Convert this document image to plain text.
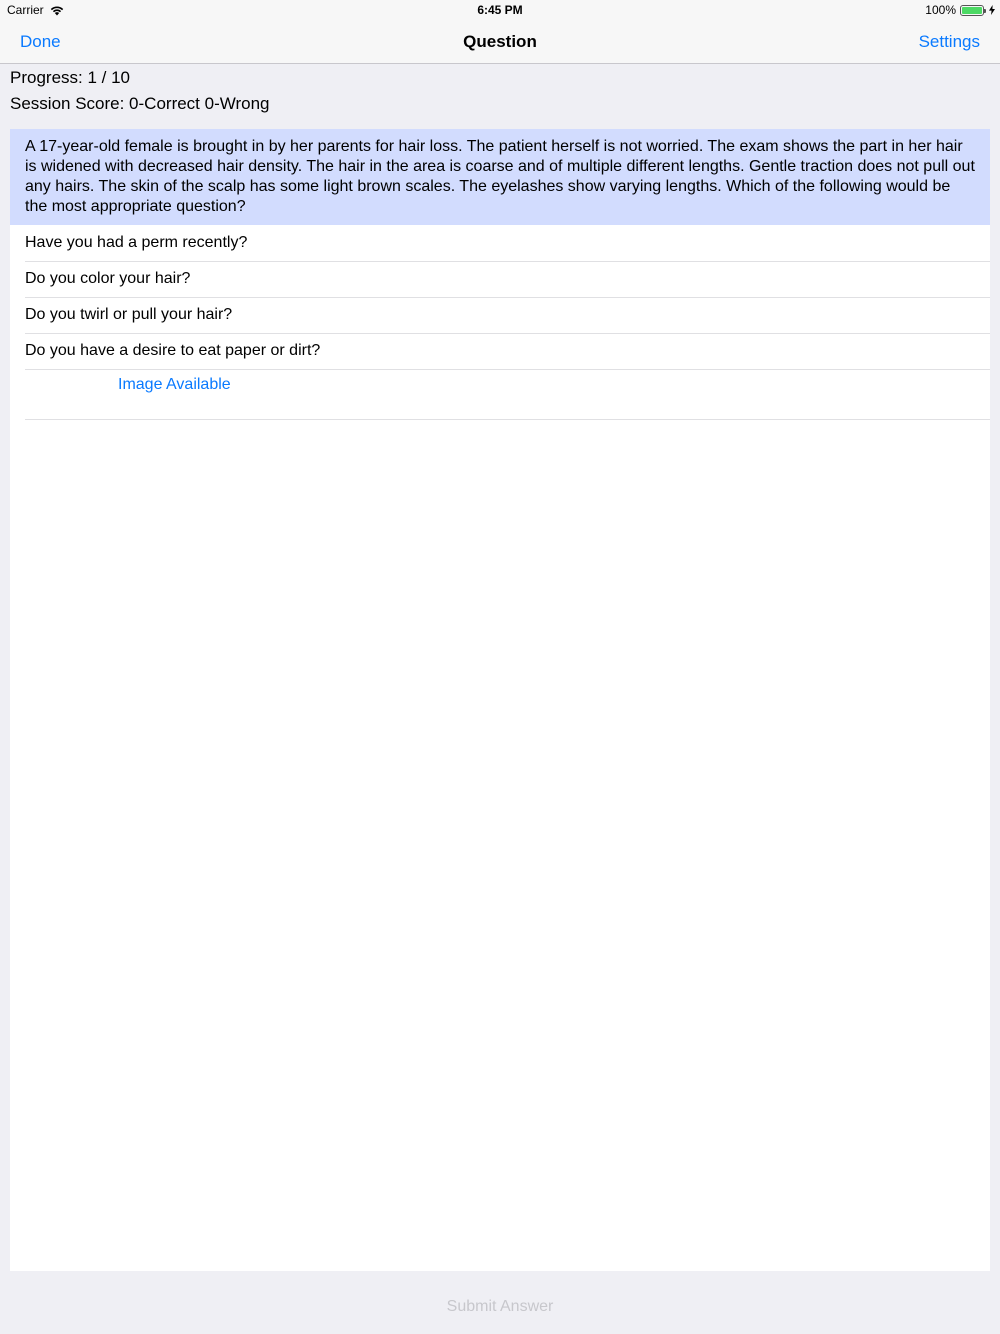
Carrier	6:45 PM	100%
Done	Question	Settings
Progress: 1 / 10
Session Score: 0-Correct 0-Wrong
A 17-year-old female is brought in by her parents for hair loss. The patient herself is not worried. The exam shows the part in her hair is widened with decreased hair density. The hair in the area is coarse and of multiple different lengths. Gentle traction does not pull out any hairs. The skin of the scalp has some light brown scales. The eyelashes show varying lengths. Which of the following would be the most appropriate question?
Have you had a perm recently?
Do you color your hair?
Do you twirl or pull your hair?
Do you have a desire to eat paper or dirt?
Image Available
Submit Answer
